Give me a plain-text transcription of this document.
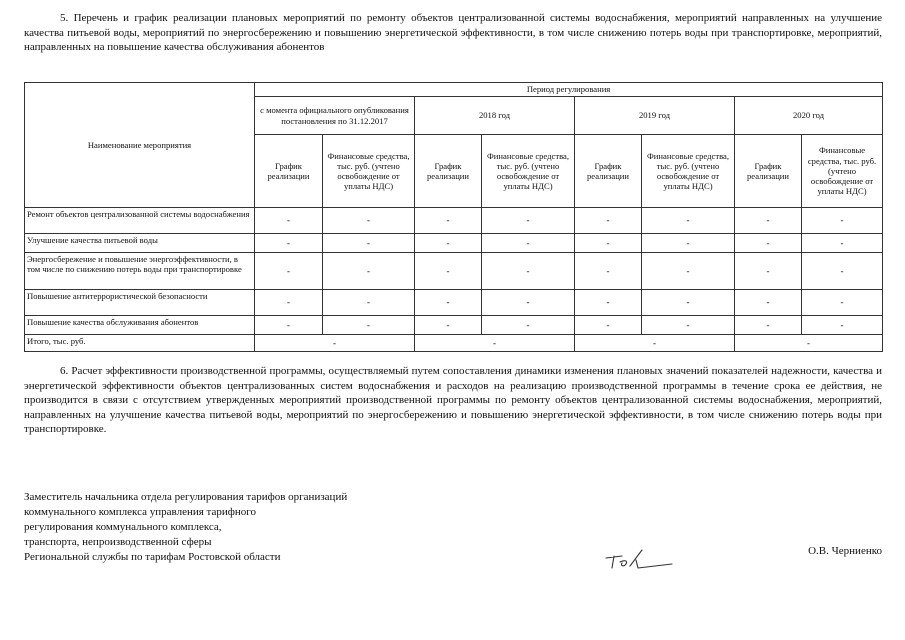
5. Перечень и график реализации плановых мероприятий по ремонту объектов централизованной системы водоснабжения, мероприятий направленных на улучшение качества питьевой воды, мероприятий по энергосбережению и повышению энергетической эффективности, в том числе снижению потерь воды при транспортировке, мероприятий, направленных на повышение качества обслуживания абонентов
Наименование мероприятия	Период регулирования							
	с момента официального опубликования постановления по 31.12.2017		2018 год		2019 год		2020 год	
	График реализации	Финансовые средства, тыс. руб. (учтено освобождение от уплаты НДС)	График реализации	Финансовые средства, тыс. руб. (учтено освобождение от уплаты НДС)	График реализации	Финансовые средства, тыс. руб. (учтено освобождение от уплаты НДС)	График реализации	Финансовые средства, тыс. руб. (учтено освобождение от уплаты НДС)
Ремонт объектов централизованной системы водоснабжения	-	-	-	-	-	-	-	-
Улучшение качества питьевой воды	-	-	-	-	-	-	-	-
Энергосбережение и повышение энергоэффективности, в том числе по снижению потерь воды при транспортировке	-	-	-	-	-	-	-	-
Повышение антитеррористической безопасности	-	-	-	-	-	-	-	-
Повышение качества обслуживания абонентов	-	-	-	-	-	-	-	-
Итого, тыс. руб.	-		-		-		-	
6. Расчет эффективности производственной программы, осуществляемый путем сопоставления динамики изменения плановых значений показателей надежности, качества и энергетической эффективности объектов централизованных систем водоснабжения и расходов на реализацию производственной программы в течение срока ее действия, не производится в связи с отсутствием утвержденных мероприятий производственной программы по ремонту объектов централизованной системы водоснабжения, мероприятий, направленных на улучшение качества питьевой воды, мероприятий по энергосбережению и повышению энергетической эффективности, в том числе снижению потерь воды при транспортировке.
Заместитель начальника отдела регулирования тарифов организаций
коммунального комплекса управления тарифного
регулирования коммунального комплекса,
транспорта, непроизводственной сферы
Региональной службы по тарифам Ростовской области	О.В. Черниенко
